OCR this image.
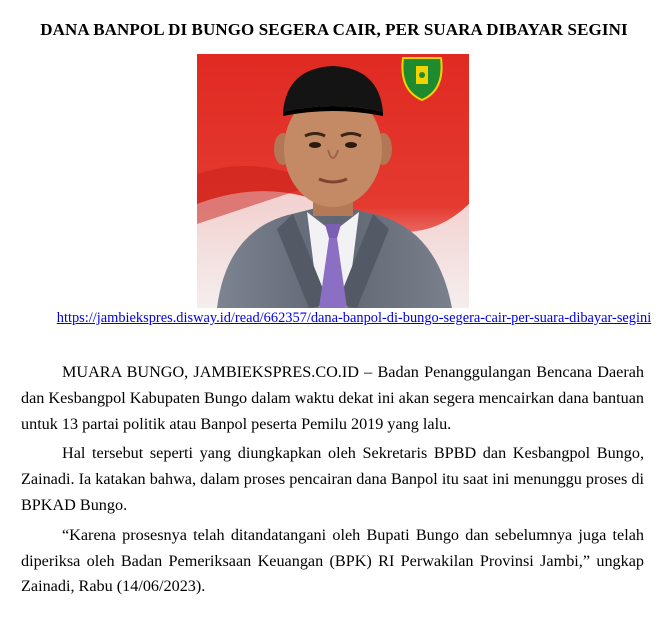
DANA BANPOL DI BUNGO SEGERA CAIR, PER SUARA DIBAYAR SEGINI
https://jambiekspres.disway.id/read/662357/dana-banpol-di-bungo-segera-cair-per-suara-dibayar-segini

MUARA BUNGO, JAMBIEKSPRES.CO.ID – Badan Penanggulangan Bencana Daerah dan Kesbangpol Kabupaten Bungo dalam waktu dekat ini akan segera mencairkan dana bantuan untuk 13 partai politik atau Banpol peserta Pemilu 2019 yang lalu.

Hal tersebut seperti yang diungkapkan oleh Sekretaris BPBD dan Kesbangpol Bungo, Zainadi. Ia katakan bahwa, dalam proses pencairan dana Banpol itu saat ini menunggu proses di BPKAD Bungo.

“Karena prosesnya telah ditandatangani oleh Bupati Bungo dan sebelumnya juga telah diperiksa oleh Badan Pemeriksaan Keuangan (BPK) RI Perwakilan Provinsi Jambi,” ungkap Zainadi, Rabu (14/06/2023).
